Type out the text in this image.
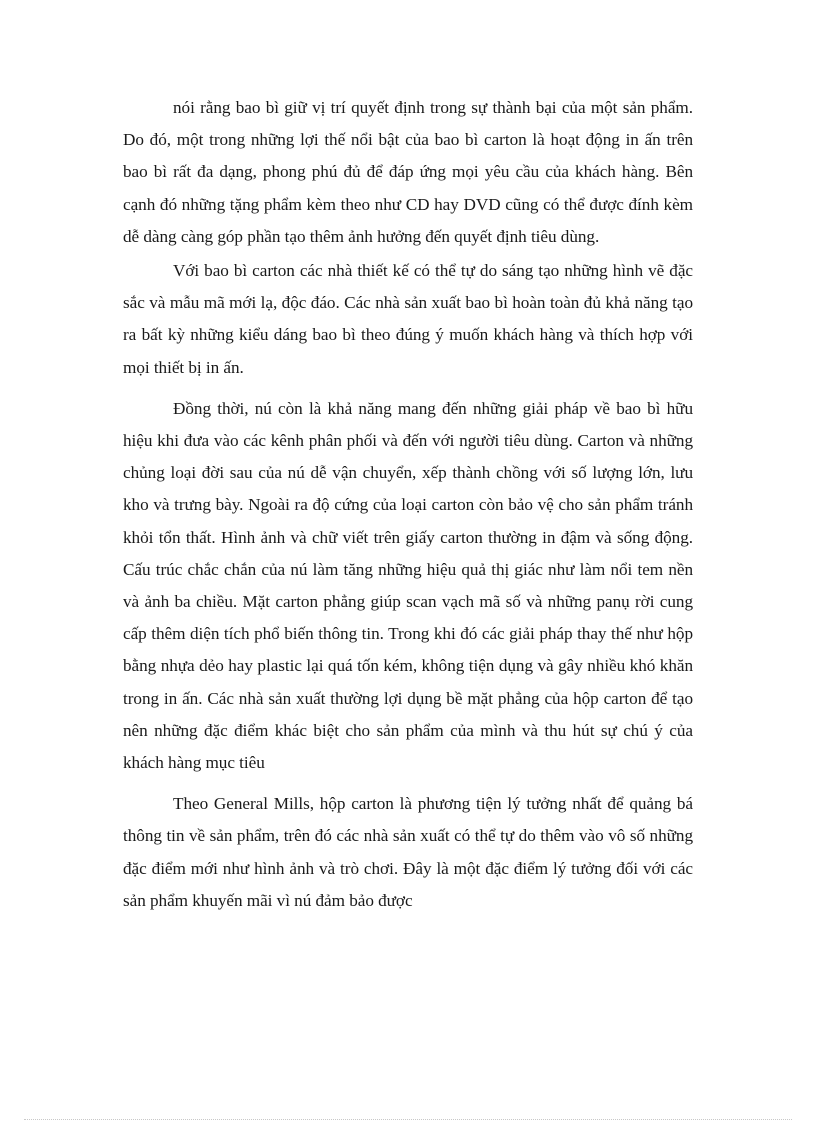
nói rằng bao bì giữ vị trí quyết định trong sự thành bại của một sản phẩm. Do đó, một trong những lợi thế nổi bật của bao bì carton là hoạt động in ấn trên bao bì rất đa dạng, phong phú đủ để đáp ứng mọi yêu cầu của khách hàng. Bên cạnh đó những tặng phẩm kèm theo như CD hay DVD cũng có thể được đính kèm dễ dàng càng góp phần tạo thêm ảnh hưởng đến quyết định tiêu dùng.

Với bao bì carton các nhà thiết kế có thể tự do sáng tạo những hình vẽ đặc sắc và mẫu mã mới lạ, độc đáo. Các nhà sản xuất bao bì hoàn toàn đủ khả năng tạo ra bất kỳ những kiểu dáng bao bì theo đúng ý muốn khách hàng và thích hợp với mọi thiết bị in ấn.

Đồng thời, nú còn là khả năng mang đến những giải pháp về bao bì hữu hiệu khi đưa vào các kênh phân phối và đến với người tiêu dùng. Carton và những chủng loại đời sau của nú dễ vận chuyển, xếp thành chồng với số lượng lớn, lưu kho và trưng bày. Ngoài ra độ cứng của loại carton còn bảo vệ cho sản phẩm tránh khỏi tổn thất. Hình ảnh và chữ viết trên giấy carton thường in đậm và sống động. Cấu trúc chắc chắn của nú làm tăng những hiệu quả thị giác như làm nổi tem nền và ảnh ba chiều. Mặt carton phẳng giúp scan vạch mã số và những panụ rời cung cấp thêm diện tích phổ biến thông tin. Trong khi đó các giải pháp thay thế như hộp bằng nhựa dẻo hay plastic lại quá tốn kém, không tiện dụng và gây nhiều khó khăn trong in ấn. Các nhà sản xuất thường lợi dụng bề mặt phẳng của hộp carton để tạo nên những đặc điểm khác biệt cho sản phẩm của mình và thu hút sự chú ý của khách hàng mục tiêu

Theo General Mills, hộp carton là phương tiện lý tưởng nhất để quảng bá thông tin về sản phẩm, trên đó các nhà sản xuất có thể tự do thêm vào vô số những đặc điểm mới như hình ảnh và trò chơi. Đây là một đặc điểm lý tưởng đối với các sản phẩm khuyến mãi vì nú đảm bảo được
